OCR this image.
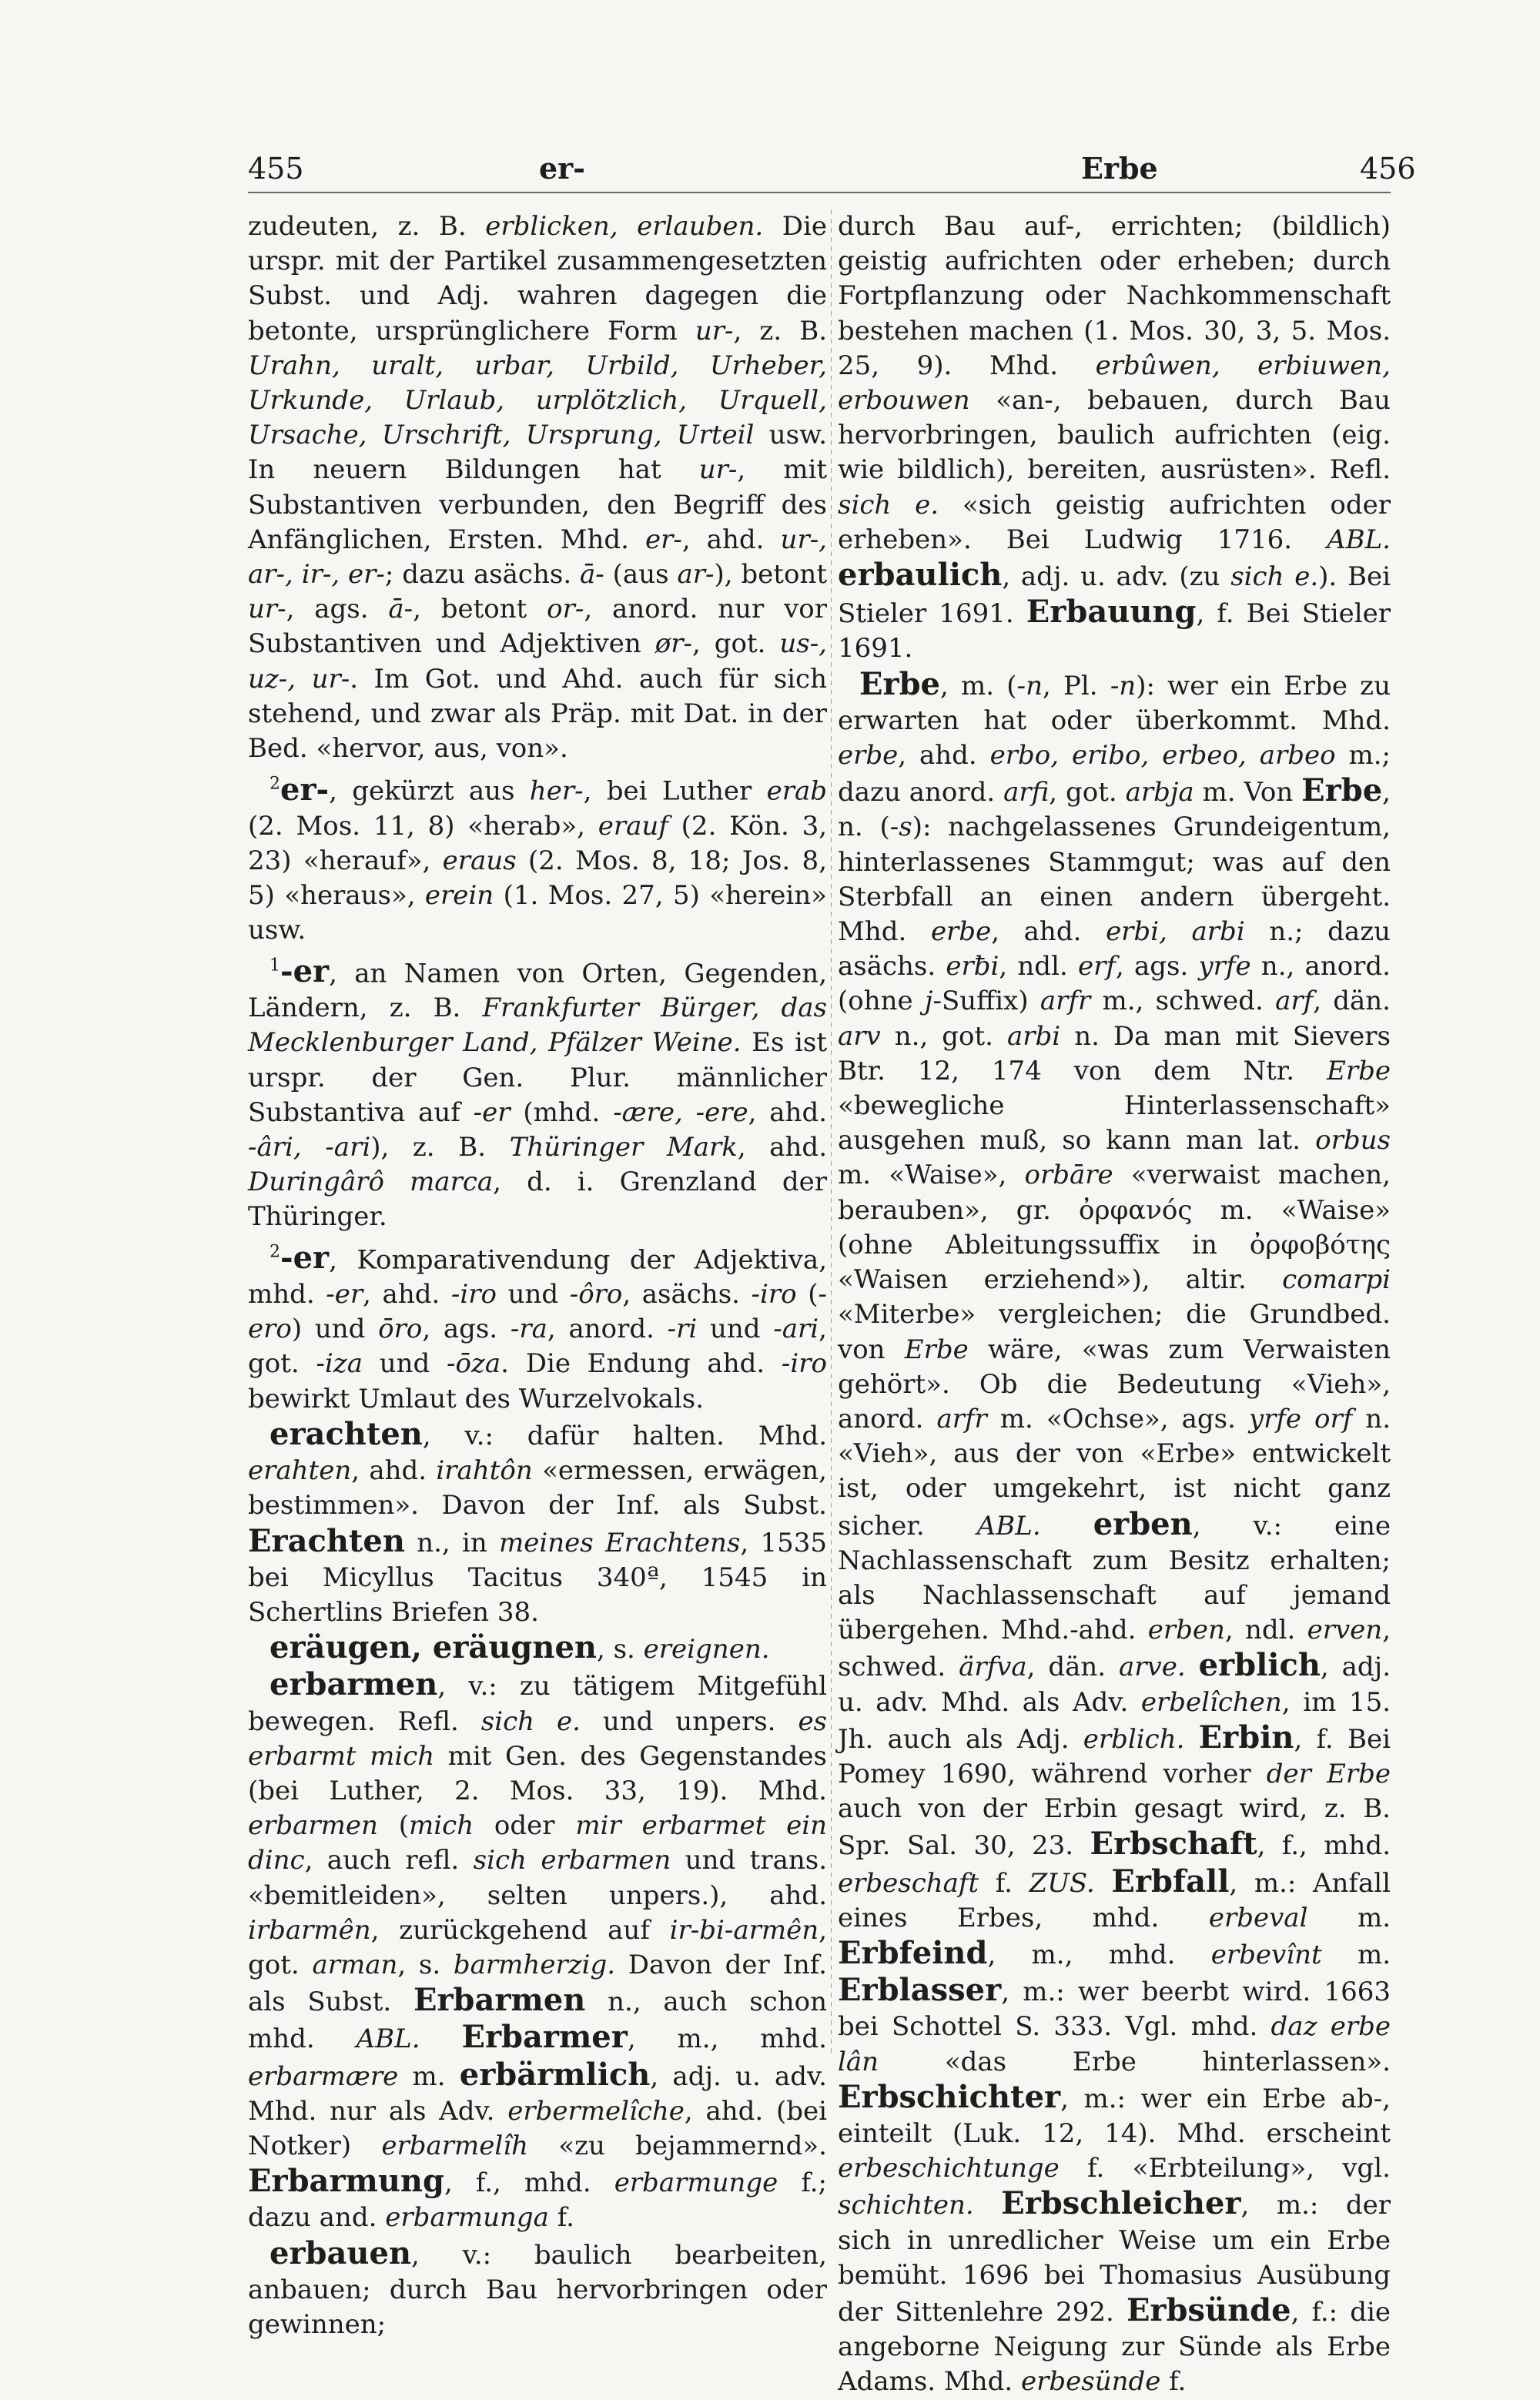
455	er-	Erbe	456

zudeuten, z. B. erblicken, erlauben. Die urspr. mit der Partikel zusammengesetzten Subst. und Adj. wahren dagegen die betonte, ursprünglichere Form ur-, z. B. Urahn, uralt, urbar, Urbild, Urheber, Urkunde, Urlaub, urplötzlich, Urquell, Ursache, Urschrift, Ursprung, Urteil usw. In neuern Bildungen hat ur-, mit Substantiven verbunden, den Begriff des Anfänglichen, Ersten. Mhd. er-, ahd. ur-, ar-, ir-, er-; dazu asächs. ā- (aus ar-), betont ur-, ags. ā-, betont or-, anord. nur vor Substantiven und Adjektiven ør-, got. us-, uz-, ur-. Im Got. und Ahd. auch für sich stehend, und zwar als Präp. mit Dat. in der Bed. «hervor, aus, von».

$^2$er-, gekürzt aus her-, bei Luther erab (2. Mos. 11, 8) «herab», erauf (2. Kön. 3, 23) «herauf», eraus (2. Mos. 8, 18; Jos. 8, 5) «heraus», erein (1. Mos. 27, 5) «herein» usw.

$^1$-er, an Namen von Orten, Gegenden, Ländern, z. B. Frankfurter Bürger, das Mecklenburger Land, Pfälzer Weine. Es ist urspr. der Gen. Plur. männlicher Substantiva auf -er (mhd. -ære, -ere, ahd. -âri, -ari), z. B. Thüringer Mark, ahd. Duringârô marca, d. i. Grenzland der Thüringer.

$^2$-er, Komparativendung der Adjektiva, mhd. -er, ahd. -iro und -ôro, asächs. -iro (-ero) und ōro, ags. -ra, anord. -ri und -ari, got. -iza und -ōza. Die Endung ahd. -iro bewirkt Umlaut des Wurzelvokals.

erachten, v.: dafür halten. Mhd. erahten, ahd. irahtôn «ermessen, erwägen, bestimmen». Davon der Inf. als Subst. Erachten n., in meines Erachtens, 1535 bei Micyllus Tacitus 340ª, 1545 in Schertlins Briefen 38.

eräugen, eräugnen, s. ereignen.

erbarmen, v.: zu tätigem Mitgefühl bewegen. Refl. sich e. und unpers. es erbarmt mich mit Gen. des Gegenstandes (bei Luther, 2. Mos. 33, 19). Mhd. erbarmen (mich oder mir erbarmet ein dinc, auch refl. sich erbarmen und trans. «bemitleiden», selten unpers.), ahd. irbarmên, zurückgehend auf ir-bi-armên, got. arman, s. barmherzig. Davon der Inf. als Subst. Erbarmen n., auch schon mhd. ABL. Erbarmer, m., mhd. erbarmære m. erbärmlich, adj. u. adv. Mhd. nur als Adv. erbermelîche, ahd. (bei Notker) erbarmelîh «zu bejammernd». Erbarmung, f., mhd. erbarmunge f.; dazu and. erbarmunga f.

erbauen, v.: baulich bearbeiten, anbauen; durch Bau hervorbringen oder gewinnen;

durch Bau auf-, errichten; (bildlich) geistig aufrichten oder erheben; durch Fortpflanzung oder Nachkommenschaft bestehen machen (1. Mos. 30, 3, 5. Mos. 25, 9). Mhd. erbûwen, erbiuwen, erbouwen «an-, bebauen, durch Bau hervorbringen, baulich aufrichten (eig. wie bildlich), bereiten, ausrüsten». Refl. sich e. «sich geistig aufrichten oder erheben». Bei Ludwig 1716. ABL. erbaulich, adj. u. adv. (zu sich e.). Bei Stieler 1691. Erbauung, f. Bei Stieler 1691.

Erbe, m. (-n, Pl. -n): wer ein Erbe zu erwarten hat oder überkommt. Mhd. erbe, ahd. erbo, eribo, erbeo, arbeo m.; dazu anord. arfi, got. arbja m. Von Erbe, n. (-s): nachgelassenes Grundeigentum, hinterlassenes Stammgut; was auf den Sterbfall an einen andern übergeht. Mhd. erbe, ahd. erbi, arbi n.; dazu asächs. erƀi, ndl. erf, ags. yrfe n., anord. (ohne j-Suffix) arfr m., schwed. arf, dän. arv n., got. arbi n. Da man mit Sievers Btr. 12, 174 von dem Ntr. Erbe «bewegliche Hinterlassenschaft» ausgehen muß, so kann man lat. orbus m. «Waise», orbāre «verwaist machen, berauben», gr. ὀρφανός m. «Waise» (ohne Ableitungssuffix in ὀρφοβότης «Waisen erziehend»), altir. comarpi «Miterbe» vergleichen; die Grundbed. von Erbe wäre, «was zum Verwaisten gehört». Ob die Bedeutung «Vieh», anord. arfr m. «Ochse», ags. yrfe orf n. «Vieh», aus der von «Erbe» entwickelt ist, oder umgekehrt, ist nicht ganz sicher. ABL. erben, v.: eine Nachlassenschaft zum Besitz erhalten; als Nachlassenschaft auf jemand übergehen. Mhd.-ahd. erben, ndl. erven, schwed. ärfva, dän. arve. erblich, adj. u. adv. Mhd. als Adv. erbelîchen, im 15. Jh. auch als Adj. erblich. Erbin, f. Bei Pomey 1690, während vorher der Erbe auch von der Erbin gesagt wird, z. B. Spr. Sal. 30, 23. Erbschaft, f., mhd. erbeschaft f. ZUS. Erbfall, m.: Anfall eines Erbes, mhd. erbeval m. Erbfeind, m., mhd. erbevînt m. Erblasser, m.: wer beerbt wird. 1663 bei Schottel S. 333. Vgl. mhd. daz erbe lân «das Erbe hinterlassen». Erbschichter, m.: wer ein Erbe ab-, einteilt (Luk. 12, 14). Mhd. erscheint erbeschichtunge f. «Erbteilung», vgl. schichten. Erbschleicher, m.: der sich in unredlicher Weise um ein Erbe bemüht. 1696 bei Thomasius Ausübung der Sittenlehre 292. Erbsünde, f.: die angeborne Neigung zur Sünde als Erbe Adams. Mhd. erbesünde f.
